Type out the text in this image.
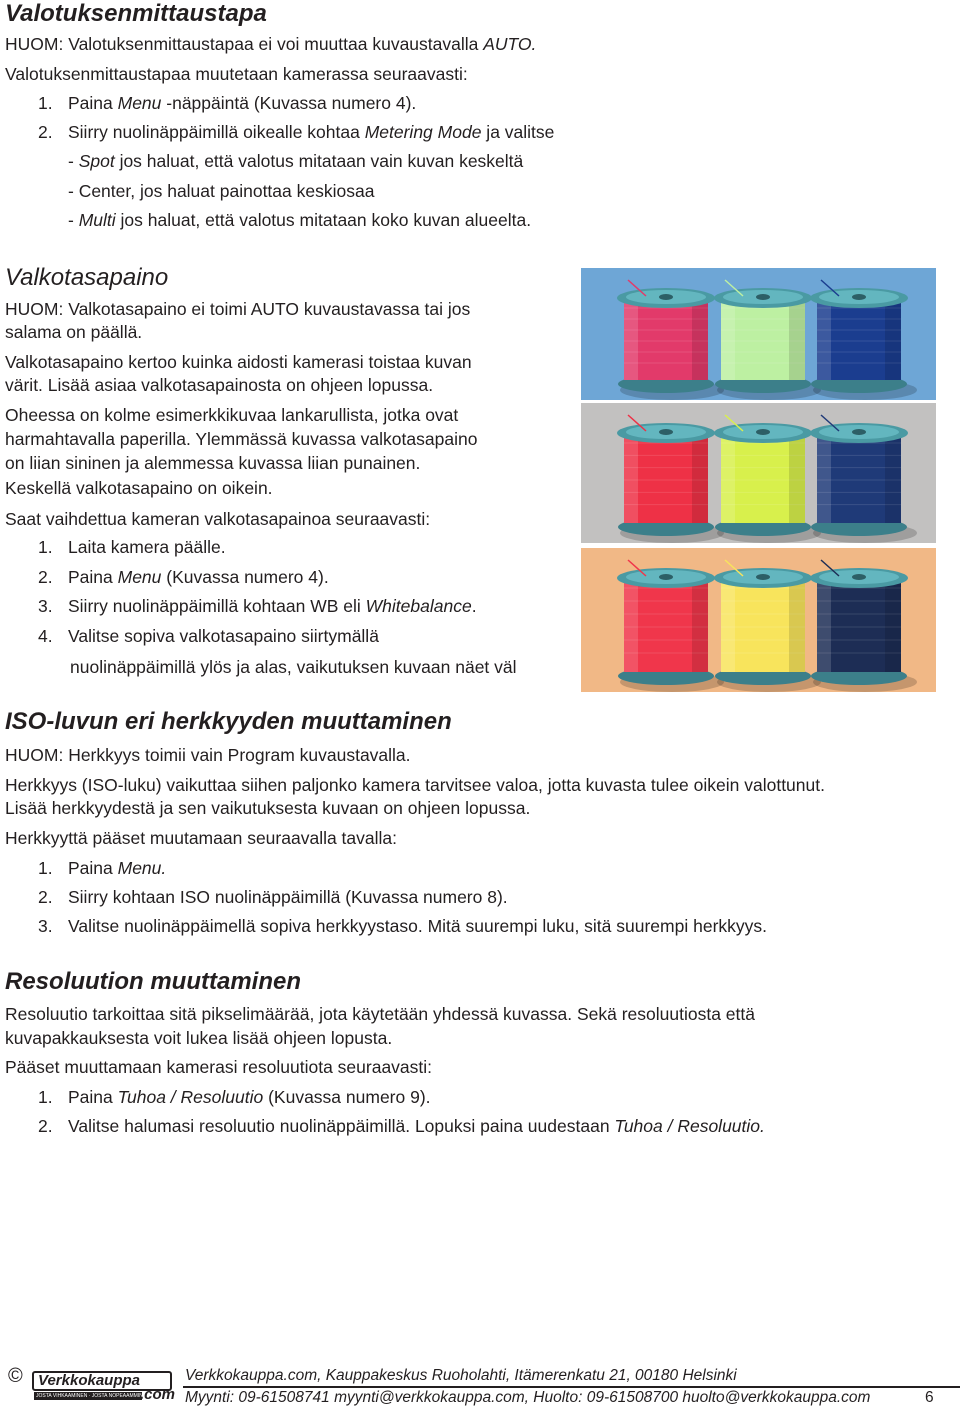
Valotuksenmittaustapa
HUOM: Valotuksenmittaustapaa ei voi muuttaa kuvaustavalla AUTO.
Valotuksenmittaustapaa muutetaan kamerassa seuraavasti:
1. Paina Menu -näppäintä (Kuvassa numero 4).
2. Siirry nuolinäppäimillä oikealle kohtaa Metering Mode ja valitse
- Spot jos haluat, että valotus mitataan vain kuvan keskeltä
- Center, jos haluat painottaa keskiosaa
- Multi jos haluat, että valotus mitataan koko kuvan alueelta.
Valkotasapaino
HUOM: Valkotasapaino ei toimi AUTO kuvaustavassa tai jos
salama on päällä.
Valkotasapaino kertoo kuinka aidosti kamerasi toistaa kuvan
värit. Lisää asiaa valkotasapainosta on ohjeen lopussa.
Oheessa on kolme esimerkkikuvaa lankarullista, jotka ovat
harmahtavalla paperilla. Ylemmässä kuvassa valkotasapaino
on liian sininen ja alemmessa kuvassa liian punainen.
Keskellä valkotasapaino on oikein.
Saat vaihdettua kameran valkotasapainoa seuraavasti:
1. Laita kamera päälle.
2. Paina Menu (Kuvassa numero 4).
3. Siirry nuolinäppäimillä kohtaan WB eli Whitebalance.
4. Valitse sopiva valkotasapaino siirtymällä
nuolinäppäimillä ylös ja alas, vaikutuksen kuvaan näet väl
ISO-luvun eri herkkyyden muuttaminen
HUOM: Herkkyys toimii vain Program kuvaustavalla.
Herkkyys (ISO-luku) vaikuttaa siihen paljonko kamera tarvitsee valoa, jotta kuvasta tulee oikein valottunut.
Lisää herkkyydestä ja sen vaikutuksesta kuvaan on ohjeen lopussa.
Herkkyyttä pääset muutamaan seuraavalla tavalla:
1. Paina Menu.
2. Siirry kohtaan ISO nuolinäppäimillä (Kuvassa numero 8).
3. Valitse nuolinäppäimellä sopiva herkkyystaso. Mitä suurempi luku, sitä suurempi herkkyys.
Resoluution muuttaminen
Resoluutio tarkoittaa sitä pikselimäärää, jota käytetään yhdessä kuvassa. Sekä resoluutiosta että
kuvapakkauksesta voit lukea lisää ohjeen lopusta.
Pääset muuttamaan kamerasi resoluutiota seuraavasti:
1. Paina Tuhoa / Resoluutio (Kuvassa numero 9).
2. Valitse halumasi resoluutio nuolinäppäimillä. Lopuksi paina uudestaan Tuhoa / Resoluutio.
© Verkkokauppa
JOSTA VIHKAAMINEN · JOSTA NOPEAAMMIN
.com
Verkkokauppa.com, Kauppakeskus Ruoholahti, Itämerenkatu 21, 00180 Helsinki
Myynti: 09-61508741 myynti@verkkokauppa.com, Huolto: 09-61508700 huolto@verkkokauppa.com	6
